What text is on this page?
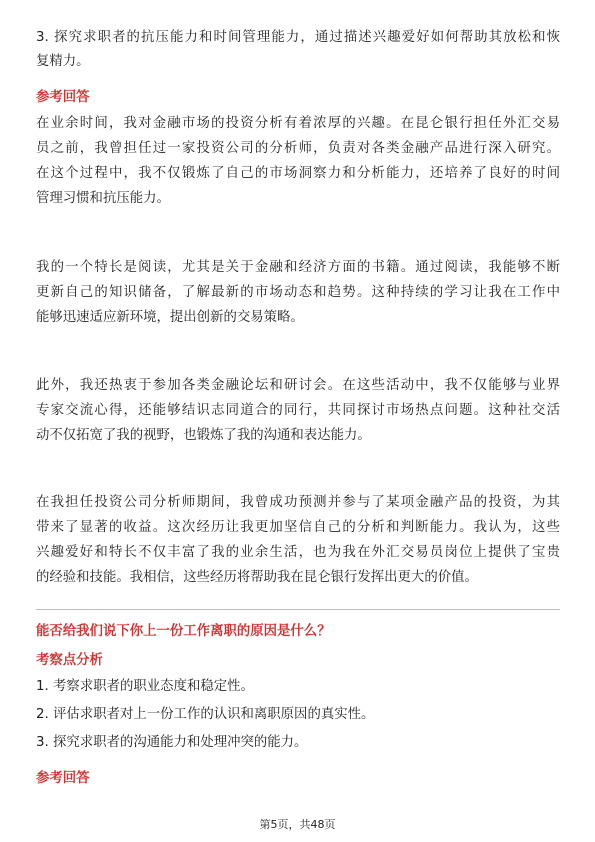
3. 探究求职者的抗压能力和时间管理能力，通过描述兴趣爱好如何帮助其放松和恢
复精力。
参考回答
在业余时间，我对金融市场的投资分析有着浓厚的兴趣。在昆仑银行担任外汇交易
员之前，我曾担任过一家投资公司的分析师，负责对各类金融产品进行深入研究。
在这个过程中，我不仅锻炼了自己的市场洞察力和分析能力，还培养了良好的时间
管理习惯和抗压能力。
我的一个特长是阅读，尤其是关于金融和经济方面的书籍。通过阅读，我能够不断
更新自己的知识储备，了解最新的市场动态和趋势。这种持续的学习让我在工作中
能够迅速适应新环境，提出创新的交易策略。
此外，我还热衷于参加各类金融论坛和研讨会。在这些活动中，我不仅能够与业界
专家交流心得，还能够结识志同道合的同行，共同探讨市场热点问题。这种社交活
动不仅拓宽了我的视野，也锻炼了我的沟通和表达能力。
在我担任投资公司分析师期间，我曾成功预测并参与了某项金融产品的投资，为其
带来了显著的收益。这次经历让我更加坚信自己的分析和判断能力。我认为，这些
兴趣爱好和特长不仅丰富了我的业余生活，也为我在外汇交易员岗位上提供了宝贵
的经验和技能。我相信，这些经历将帮助我在昆仑银行发挥出更大的价值。
能否给我们说下你上一份工作离职的原因是什么？
考察点分析
1. 考察求职者的职业态度和稳定性。
2. 评估求职者对上一份工作的认识和离职原因的真实性。
3. 探究求职者的沟通能力和处理冲突的能力。
参考回答
第5页，共48页
